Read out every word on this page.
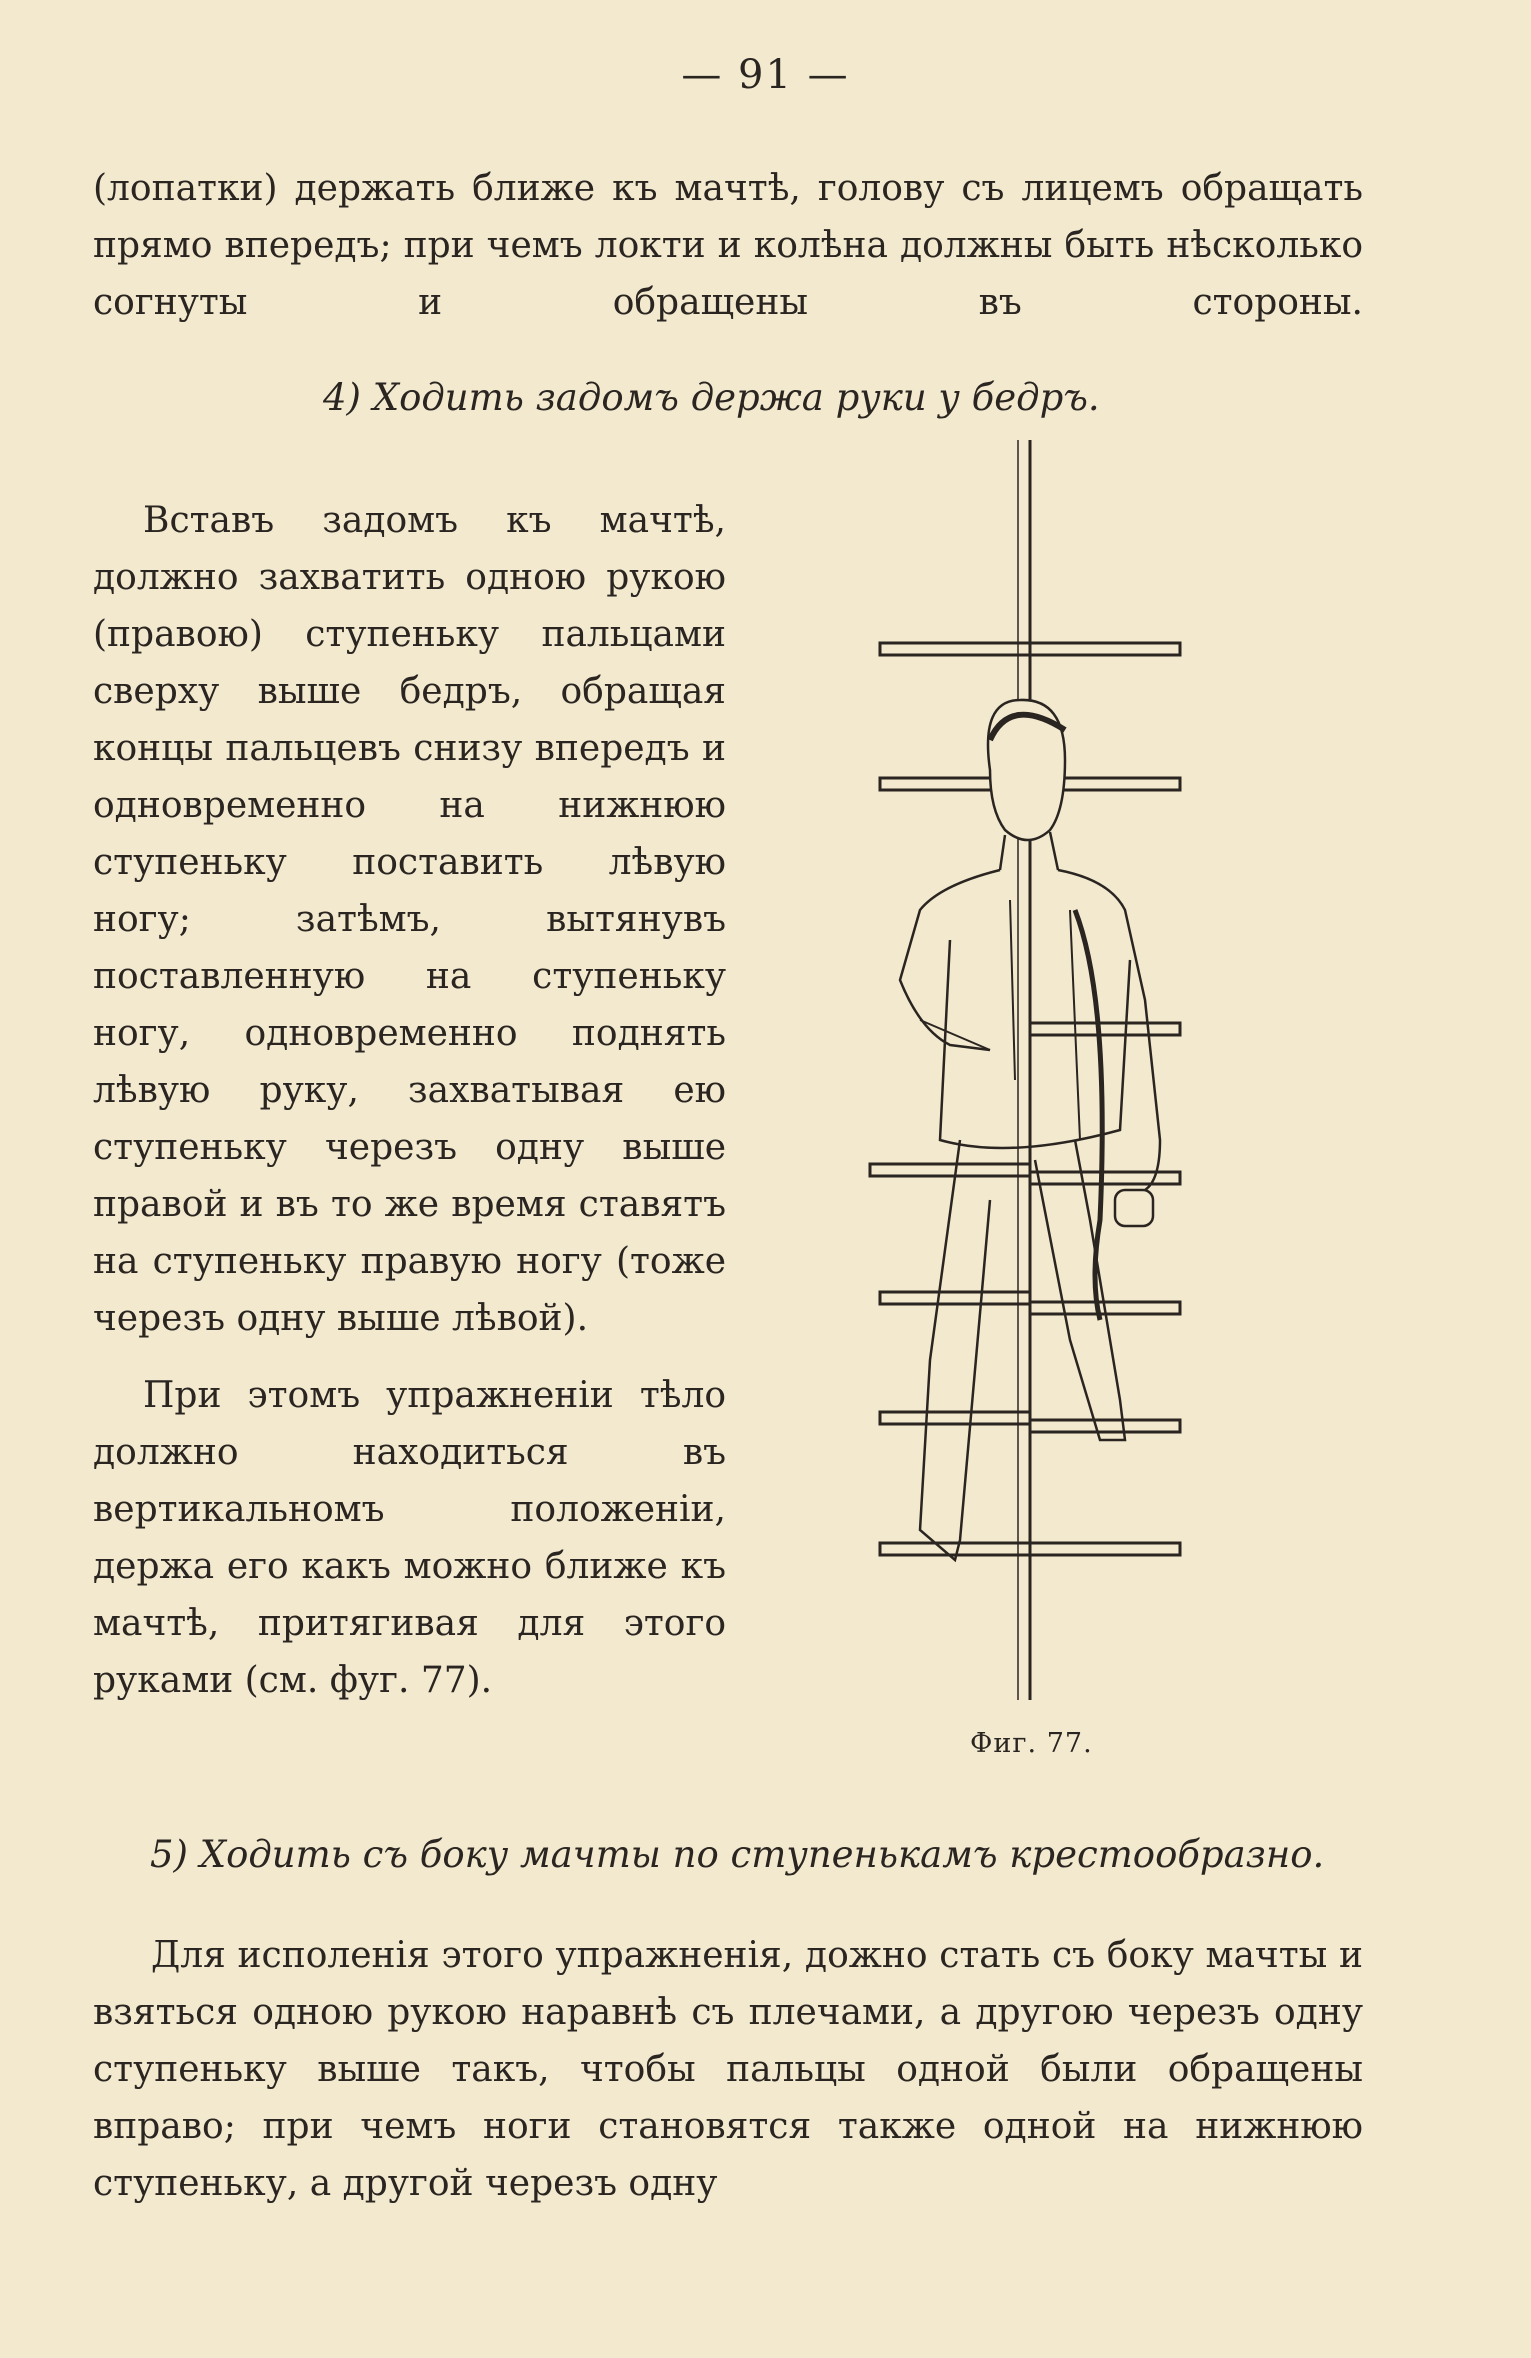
— 91 —

(лопатки) держать ближе къ мачтѣ, голову съ лицемъ обращать прямо впередъ; при чемъ локти и колѣна должны быть нѣсколько согнуты и обращены въ стороны.

4) Ходить задомъ держа руки у бедръ.

Вставъ задомъ къ мачтѣ, должно захватить одною рукою (правою) ступеньку пальцами сверху выше бедръ, обращая концы пальцевъ снизу впередъ и одновременно на нижнюю ступеньку поставить лѣвую ногу; затѣмъ, вытянувъ поставленную на ступеньку ногу, одновременно поднять лѣвую руку, захватывая ею ступеньку черезъ одну выше правой и въ то же время ставятъ на ступеньку правую ногу (тоже черезъ одну выше лѣвой).

При этомъ упражненіи тѣло должно находиться въ вертикальномъ положеніи, держа его какъ можно ближе къ мачтѣ, притягивая для этого руками (см. фуг. 77).

Фиг. 77.

5) Ходить съ боку мачты по ступенькамъ крестообразно.

Для исполенія этого упражненія, дожно стать съ боку мачты и взяться одною рукою наравнѣ съ плечами, а другою черезъ одну ступеньку выше такъ, чтобы пальцы одной были обращены вправо; при чемъ ноги становятся также одной на нижнюю ступеньку, а другой черезъ одну
